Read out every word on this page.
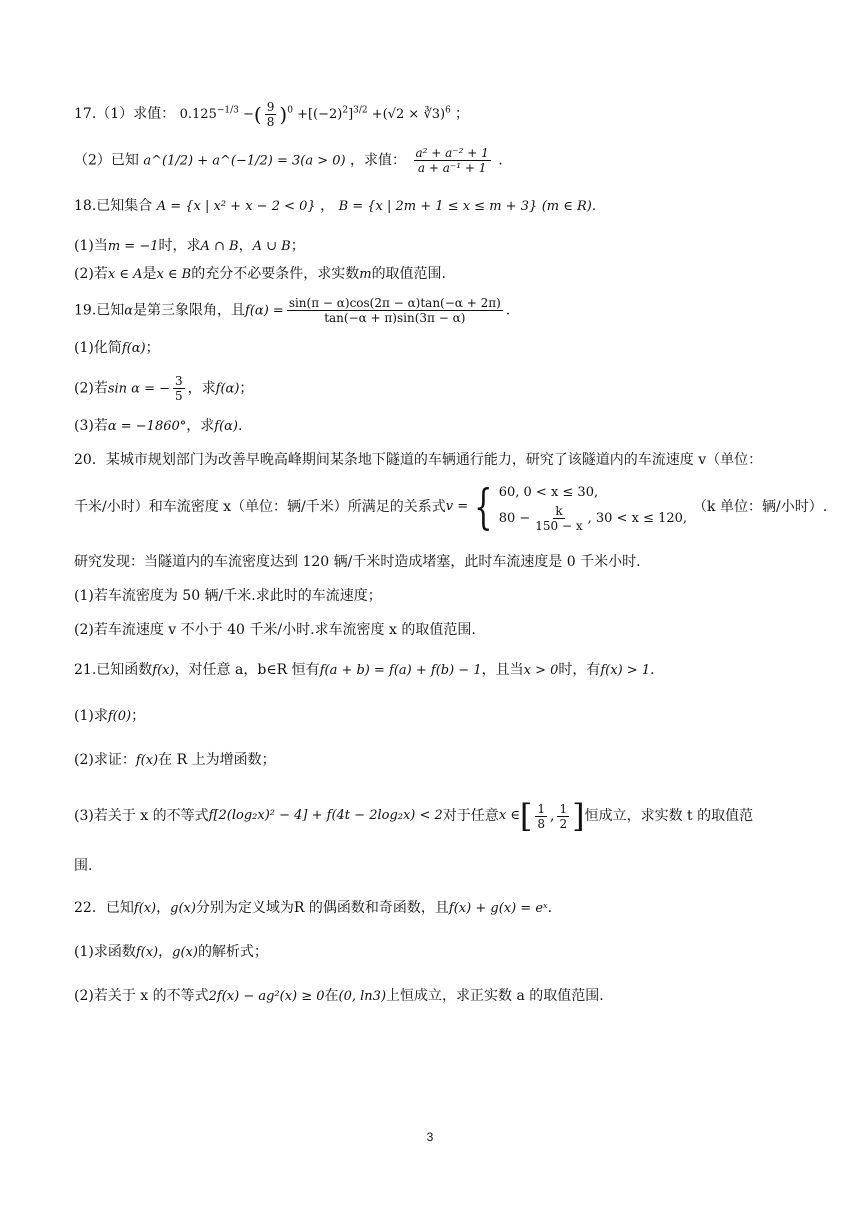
17.（1）求值： $0.125^{-1/3}$ −( $\frac{9}{8} )^0 +[(-2)^2]^{3/2} +(√2$ × ∛3)$^6$ ；
（2）已知 a^(1/2) + a^(−1/2) = 3(a > 0) ，求值： $\frac{\text{a² + a⁻² + 1}}{\text{a + a⁻¹ + 1}}$ .
18.已知集合 A = {x | x² + x − 2 < 0} ， B = {x | 2m + 1 ≤ x ≤ m + 3} (m ∈ R).
(1)当m = −1时，求A ∩ B，A ∪ B；
(2)若x ∈ A是x ∈ B的充分不必要条件，求实数m的取值范围.
19.已知α是第三象限角，且$f(\alpha) = \frac{\sin(\pi - \alpha)\cos(2\pi - \alpha)\tan(-\alpha + 2\pi)}{\tan(-\alpha + \pi)\sin(3\pi - \alpha)}$ .
(1)化简f(α)；
(2)若sin α = − $\frac{3}{5}$ ，求f(α)；
(3)若α = −1860°，求f(α).
20．某城市规划部门为改善早晚高峰期间某条地下隧道的车辆通行能力，研究了该隧道内的车流速度 v（单位：
千米/小时）和车流密度 x（单位：辆/千米）所满足的关系式 v = { 60, 0 < x ≤ 30,
$80 - \frac{k}{150 - x}$ , 30 < x ≤ 120,
（k 单位：辆/小时）.
研究发现：当隧道内的车流密度达到 120 辆/千米时造成堵塞，此时车流速度是 0 千米小时.
(1)若车流密度为 50 辆/千米.求此时的车流速度；
(2)若车流速度 v 不小于 40 千米/小时.求车流密度 x 的取值范围.
21.已知函数f(x)，对任意 a，b∈R 恒有f(a + b) = f(a) + f(b) − 1，且当x > 0时，有f(x) > 1.
(1)求f(0)；
(2)求证：f(x)在 R 上为增函数；
(3)若关于 x 的不等式 f[2(log₂x)² − 4] + f(4t − 2log₂x) < 2 对于任意 x ∈ [ $\frac{1}{8}$ , $\frac{1}{2}$ ] 恒成立，求实数 t 的取值范
围.
22．已知f(x)，g(x)分别为定义域为R 的偶函数和奇函数，且f(x) + g(x) = eˣ.
(1)求函数f(x)，g(x)的解析式；
(2)若关于 x 的不等式2f(x) − ag²(x) ≥ 0在(0, ln3)上恒成立，求正实数 a 的取值范围.
3
